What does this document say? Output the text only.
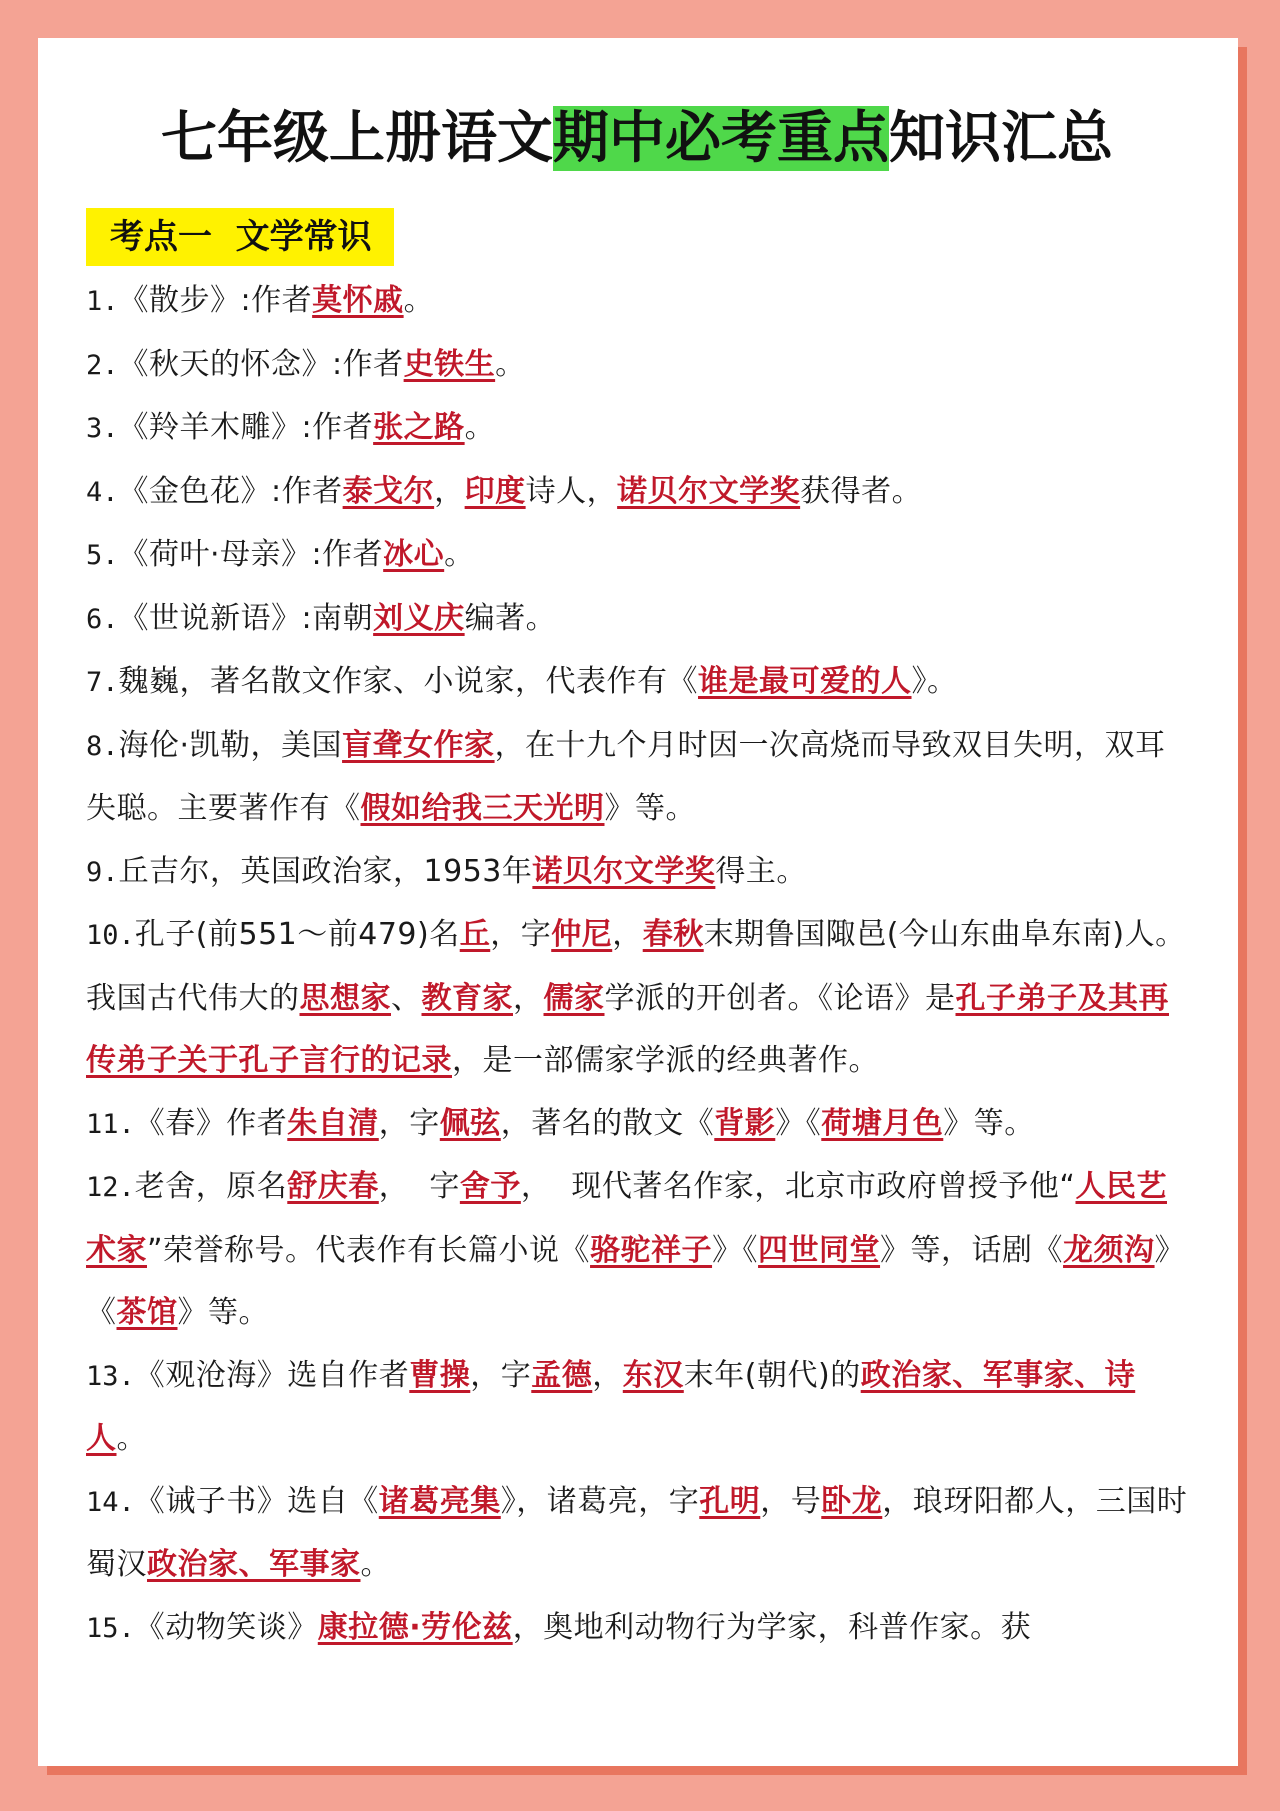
七年级上册语文期中必考重点知识汇总
考点一  文学常识
1.《散步》:作者莫怀戚。
2.《秋天的怀念》:作者史铁生。
3.《羚羊木雕》:作者张之路。
4.《金色花》:作者泰戈尔，印度诗人，诺贝尔文学奖获得者。
5.《荷叶·母亲》:作者冰心。
6.《世说新语》:南朝刘义庆编著。
7.魏巍，著名散文作家、小说家，代表作有《谁是最可爱的人》。
8.海伦·凯勒，美国盲聋女作家，在十九个月时因一次高烧而导致双目失明，双耳失聪。主要著作有《假如给我三天光明》等。
9.丘吉尔，英国政治家，1953年诺贝尔文学奖得主。
10.孔子(前551～前479)名丘，字仲尼，春秋末期鲁国陬邑(今山东曲阜东南)人。我国古代伟大的思想家、教育家，儒家学派的开创者。《论语》是孔子弟子及其再传弟子关于孔子言行的记录，是一部儒家学派的经典著作。
11.《春》作者朱自清，字佩弦，著名的散文《背影》《荷塘月色》等。
12.老舍，原名舒庆春，  字舍予，  现代著名作家，北京市政府曾授予他“人民艺术家”荣誉称号。代表作有长篇小说《骆驼祥子》《四世同堂》等，话剧《龙须沟》《茶馆》等。
13.《观沧海》选自作者曹操，字孟德，东汉末年(朝代)的政治家、军事家、诗人。
14.《诫子书》选自《诸葛亮集》，诸葛亮，字孔明，号卧龙，琅玡阳都人，三国时蜀汉政治家、军事家。
15.《动物笑谈》康拉德·劳伦兹，奥地利动物行为学家，科普作家。获
